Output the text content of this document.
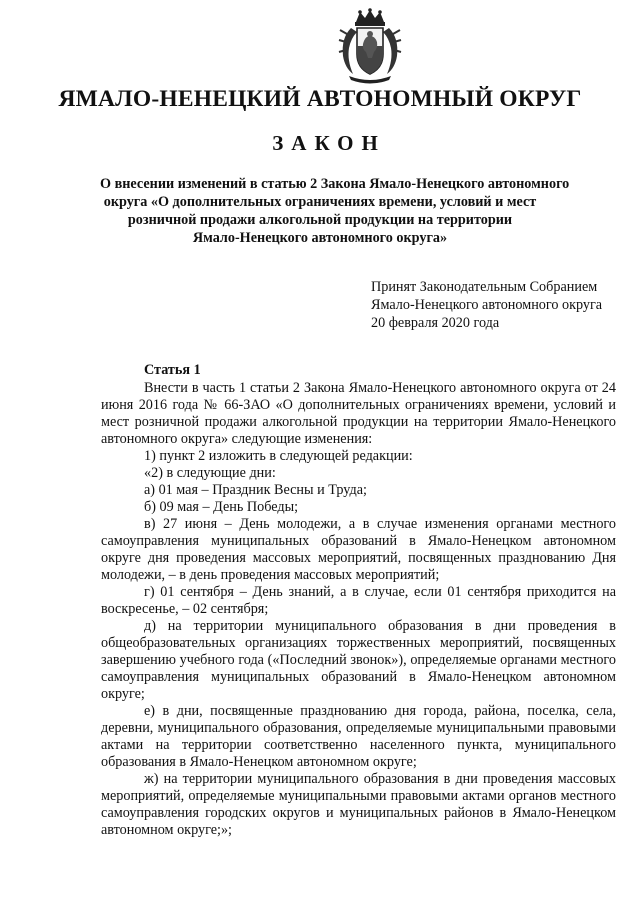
ЯМАЛО-НЕНЕЦКИЙ АВТОНОМНЫЙ ОКРУГ
ЗАКОН
О внесении изменений в статью 2 Закона Ямало-Ненецкого автономного
округа «О дополнительных ограничениях времени, условий и мест
розничной продажи алкогольной продукции на территории
Ямало-Ненецкого автономного округа»
Принят Законодательным Собранием
Ямало-Ненецкого автономного округа
20 февраля 2020 года

Статья 1

Внести в часть 1 статьи 2 Закона Ямало-Ненецкого автономного округа от 24 июня 2016 года № 66-ЗАО «О дополнительных ограничениях времени, условий и мест розничной продажи алкогольной продукции на территории Ямало-Ненецкого автономного округа» следующие изменения:

1) пункт 2 изложить в следующей редакции:

«2) в следующие дни:

а) 01 мая – Праздник Весны и Труда;

б) 09 мая – День Победы;

в) 27 июня – День молодежи, а в случае изменения органами местного самоуправления муниципальных образований в Ямало-Ненецком автономном округе дня проведения массовых мероприятий, посвященных празднованию Дня молодежи, – в день проведения массовых мероприятий;

г) 01 сентября – День знаний, а в случае, если 01 сентября приходится на воскресенье, – 02 сентября;

д) на территории муниципального образования в дни проведения в общеобразовательных организациях торжественных мероприятий, посвященных завершению учебного года («Последний звонок»), определяемые органами местного самоуправления муниципальных образований в Ямало-Ненецком автономном округе;

е) в дни, посвященные празднованию дня города, района, поселка, села, деревни, муниципального образования, определяемые муниципальными правовыми актами на территории соответственно населенного пункта, муниципального образования в Ямало-Ненецком автономном округе;

ж) на территории муниципального образования в дни проведения массовых мероприятий, определяемые муниципальными правовыми актами органов местного самоуправления городских округов и муниципальных районов в Ямало-Ненецком автономном округе;»;
